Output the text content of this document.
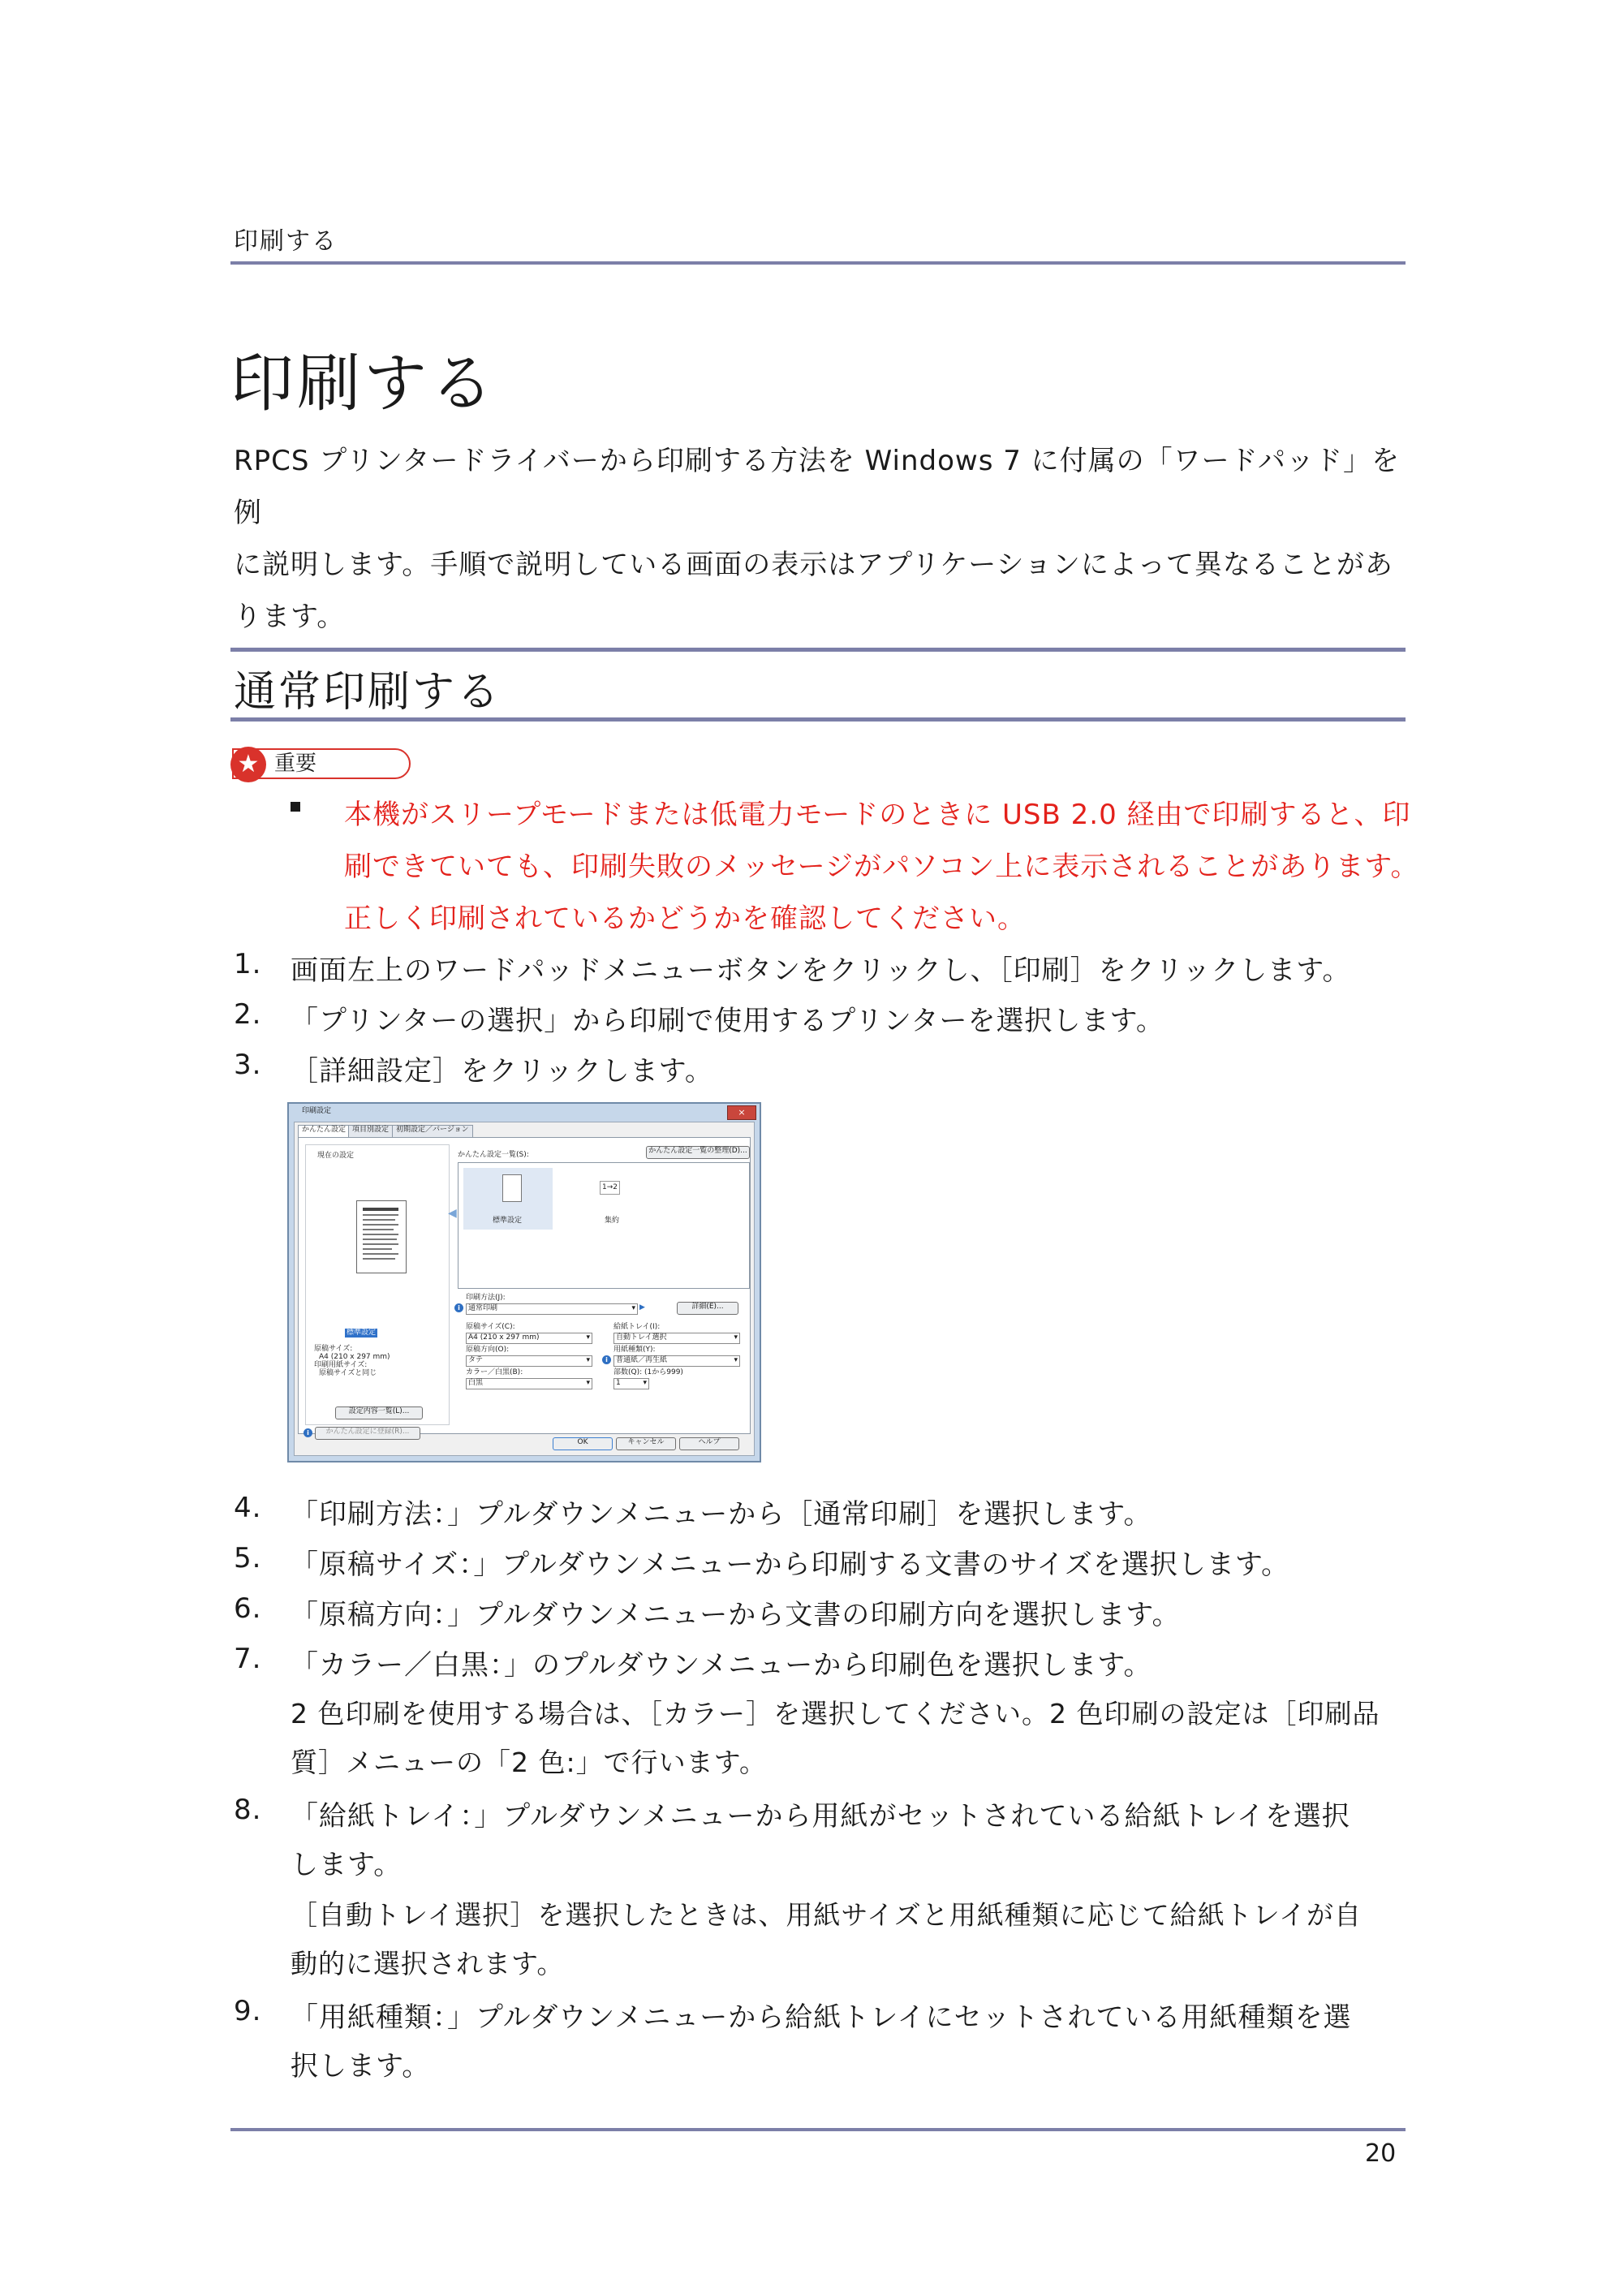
印刷する
印刷する

RPCS プリンタードライバーから印刷する方法を Windows 7 に付属の「ワードパッド」を例

に説明します。手順で説明している画面の表示はアプリケーションによって異なることがあ

ります。

通常印刷する
★ 重要

本機がスリープモードまたは低電力モードのときに USB 2.0 経由で印刷すると、印

刷できていても、印刷失敗のメッセージがパソコン上に表示されることがあります。

正しく印刷されているかどうかを確認してください。

1.	画面左上のワードパッドメニューボタンをクリックし、［印刷］をクリックします。
2.	「プリンターの選択」から印刷で使用するプリンターを選択します。
3.	［詳細設定］をクリックします。
印刷設定	×
かんたん設定 項目別設定 初期設定／バージョン
現在の設定
標準設定
原稿サイズ:
A4 (210 x 297 mm)
印刷用紙サイズ:
原稿サイズと同じ
設定内容一覧(L)...
i	かんたん設定に登録(R)...
かんたん設定一覧(S):	かんたん設定一覧の整理(D)...
◀
標準設定
1→2
集約
印刷方法(J):
i	通常印刷 ▾	▶	詳細(E)...
原稿サイズ(C):
A4 (210 x 297 mm) ▾
原稿方向(O):
タテ ▾
カラー／白黒(B):
白黒 ▾
給紙トレイ(I):
自動トレイ選択 ▾
用紙種類(Y):
i	普通紙／再生紙 ▾
部数(Q): (1から999)
1 ▾
OK	キャンセル	ヘルプ
4.	「印刷方法：」プルダウンメニューから［通常印刷］を選択します。
5.	「原稿サイズ：」プルダウンメニューから印刷する文書のサイズを選択します。
6.	「原稿方向：」プルダウンメニューから文書の印刷方向を選択します。
7.	「カラー／白黒：」のプルダウンメニューから印刷色を選択します。
2 色印刷を使用する場合は、［カラー］を選択してください。2 色印刷の設定は［印刷品
質］メニューの「2 色:」で行います。
8.	「給紙トレイ：」プルダウンメニューから用紙がセットされている給紙トレイを選択
します。
［自動トレイ選択］を選択したときは、用紙サイズと用紙種類に応じて給紙トレイが自
動的に選択されます。
9.	「用紙種類：」プルダウンメニューから給紙トレイにセットされている用紙種類を選
択します。
20
